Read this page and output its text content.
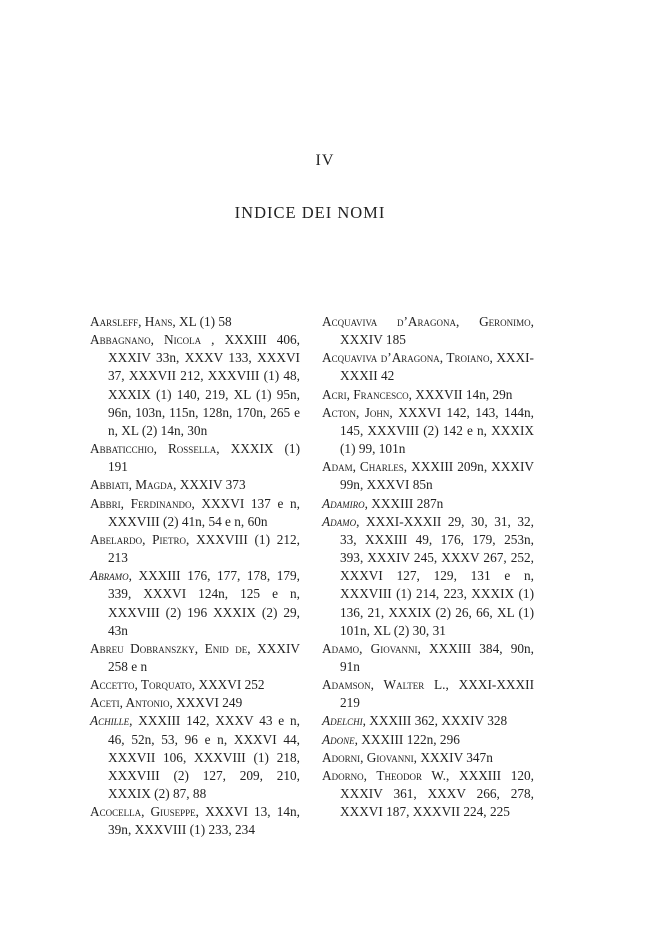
IV
INDICE DEI NOMI
Aarsleff, Hans, XL (1) 58
Abbagnano, Nicola , XXXIII 406, XXXIV 33n, XXXV 133, XXXVI 37, XXXVII 212, XXXVIII (1) 48, XXXIX (1) 140, 219, XL (1) 95n, 96n, 103n, 115n, 128n, 170n, 265 e n, XL (2) 14n, 30n
Abbaticchio, Rossella, XXXIX (1) 191
Abbiati, Magda, XXXIV 373
Abbri, Ferdinando, XXXVI 137 e n, XXXVIII (2) 41n, 54 e n, 60n
Abelardo, Pietro, XXXVIII (1) 212, 213
Abramo, XXXIII 176, 177, 178, 179, 339, XXXVI 124n, 125 e n, XXXVIII (2) 196 XXXIX (2) 29, 43n
Abreu Dobranszky, Enid de, XXXIV 258 e n
Accetto, Torquato, XXXVI 252
Aceti, Antonio, XXXVI 249
Achille, XXXIII 142, XXXV 43 e n, 46, 52n, 53, 96 e n, XXXVI 44, XXXVII 106, XXXVIII (1) 218, XXXVIII (2) 127, 209, 210, XXXIX (2) 87, 88
Acocella, Giuseppe, XXXVI 13, 14n, 39n, XXXVIII (1) 233, 234
Acquaviva d’Aragona, Geronimo, XXXIV 185
Acquaviva d’Aragona, Troiano, XXXI-XXXII 42
Acri, Francesco, XXXVII 14n, 29n
Acton, John, XXXVI 142, 143, 144n, 145, XXXVIII (2) 142 e n, XXXIX (1) 99, 101n
Adam, Charles, XXXIII 209n, XXXIV 99n, XXXVI 85n
Adamiro, XXXIII 287n
Adamo, XXXI-XXXII 29, 30, 31, 32, 33, XXXIII 49, 176, 179, 253n, 393, XXXIV 245, XXXV 267, 252, XXXVI 127, 129, 131 e n, XXXVIII (1) 214, 223, XXXIX (1) 136, 21, XXXIX (2) 26, 66, XL (1) 101n, XL (2) 30, 31
Adamo, Giovanni, XXXIII 384, 90n, 91n
Adamson, Walter L., XXXI-XXXII 219
Adelchi, XXXIII 362, XXXIV 328
Adone, XXXIII 122n, 296
Adorni, Giovanni, XXXIV 347n
Adorno, Theodor W., XXXIII 120, XXXIV 361, XXXV 266, 278, XXXVI 187, XXXVII 224, 225
